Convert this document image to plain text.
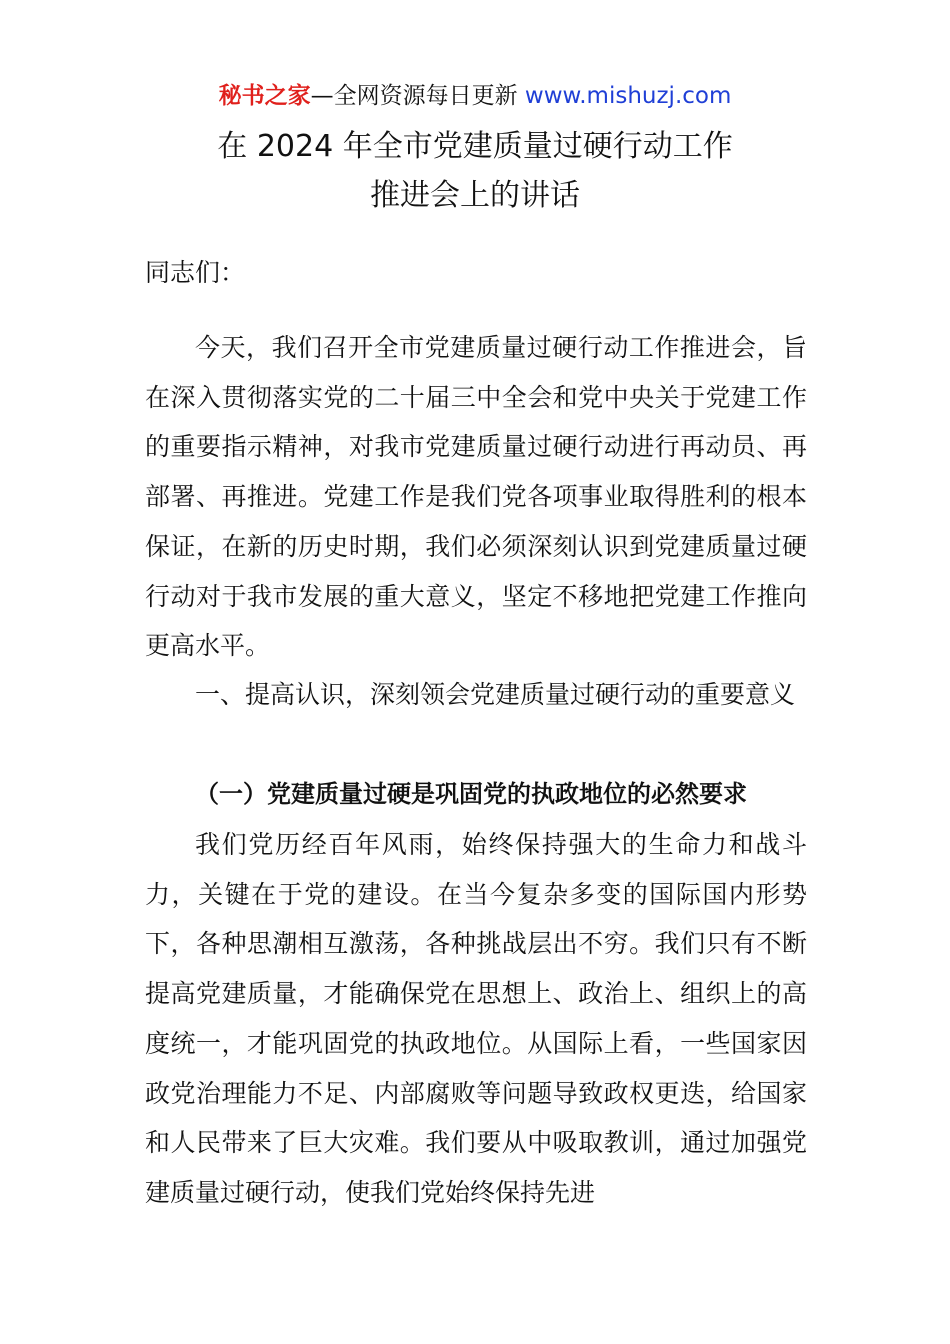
秘书之家—全网资源每日更新 www.mishuzj.com
在 2024 年全市党建质量过硬行动工作
推进会上的讲话
同志们：
今天，我们召开全市党建质量过硬行动工作推进会，旨在深入贯彻落实党的二十届三中全会和党中央关于党建工作的重要指示精神，对我市党建质量过硬行动进行再动员、再部署、再推进。党建工作是我们党各项事业取得胜利的根本保证，在新的历史时期，我们必须深刻认识到党建质量过硬行动对于我市发展的重大意义，坚定不移地把党建工作推向更高水平。
一、提高认识，深刻领会党建质量过硬行动的重要意义
（一）党建质量过硬是巩固党的执政地位的必然要求
我们党历经百年风雨，始终保持强大的生命力和战斗力，关键在于党的建设。在当今复杂多变的国际国内形势下，各种思潮相互激荡，各种挑战层出不穷。我们只有不断提高党建质量，才能确保党在思想上、政治上、组织上的高度统一，才能巩固党的执政地位。从国际上看，一些国家因政党治理能力不足、内部腐败等问题导致政权更迭，给国家和人民带来了巨大灾难。我们要从中吸取教训，通过加强党建质量过硬行动，使我们党始终保持先进
